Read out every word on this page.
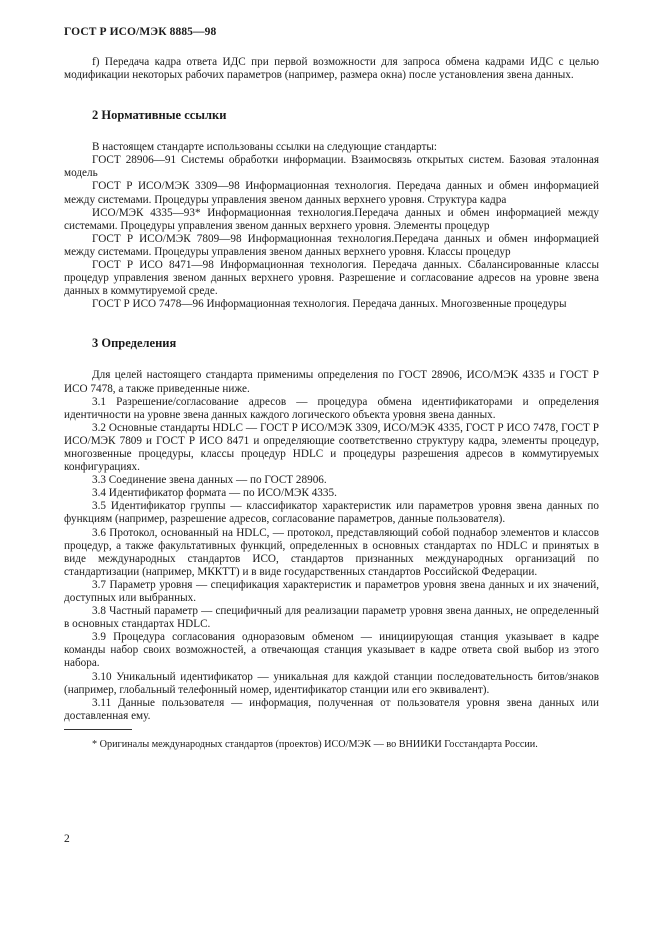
ГОСТ Р ИСО/МЭК 8885—98

f) Передача кадра ответа ИДС при первой возможности для запроса обмена кадрами ИДС с целью модификации некоторых рабочих параметров (например, размера окна) после установления звена данных.

2 Нормативные ссылки

В настоящем стандарте использованы ссылки на следующие стандарты:

ГОСТ 28906—91 Системы обработки информации. Взаимосвязь открытых систем. Базовая эталонная модель

ГОСТ Р ИСО/МЭК 3309—98 Информационная технология. Передача данных и обмен информацией между системами. Процедуры управления звеном данных верхнего уровня. Структура кадра

ИСО/МЭК 4335—93* Информационная технология.Передача данных и обмен информацией между системами. Процедуры управления звеном данных верхнего уровня. Элементы процедур

ГОСТ Р ИСО/МЭК 7809—98 Информационная технология.Передача данных и обмен информацией между системами. Процедуры управления звеном данных верхнего уровня. Классы процедур

ГОСТ Р ИСО 8471—98 Информационная технология. Передача данных. Сбалансированные классы процедур управления звеном данных верхнего уровня. Разрешение и согласование адресов на уровне звена данных в коммутируемой среде.

ГОСТ Р ИСО 7478—96 Информационная технология. Передача данных. Многозвенные процедуры

3 Определения

Для целей настоящего стандарта применимы определения по ГОСТ 28906, ИСО/МЭК 4335 и ГОСТ Р ИСО 7478, а также приведенные ниже.

3.1 Разрешение/согласование адресов — процедура обмена идентификаторами и определения идентичности на уровне звена данных каждого логического объекта уровня звена данных.

3.2 Основные стандарты HDLC — ГОСТ Р ИСО/МЭК 3309, ИСО/МЭК 4335, ГОСТ Р ИСО 7478, ГОСТ Р ИСО/МЭК 7809 и ГОСТ Р ИСО 8471 и определяющие соответственно структуру кадра, элементы процедур, многозвенные процедуры, классы процедур HDLC и процедуры разрешения адресов в коммутируемых конфигурациях.

3.3 Соединение звена данных — по ГОСТ 28906.

3.4 Идентификатор формата — по ИСО/МЭК 4335.

3.5 Идентификатор группы — классификатор характеристик или параметров уровня звена данных по функциям (например, разрешение адресов, согласование параметров, данные пользователя).

3.6 Протокол, основанный на HDLC, — протокол, представляющий собой поднабор элементов и классов процедур, а также факультативных функций, определенных в основных стандартах по HDLC и принятых в виде международных стандартов ИСО, стандартов признанных международных организаций по стандартизации (например, МККТТ) и в виде государственных стандартов Российской Федерации.

3.7 Параметр уровня — спецификация характеристик и параметров уровня звена данных и их значений, доступных или выбранных.

3.8 Частный параметр — специфичный для реализации параметр уровня звена данных, не определенный в основных стандартах HDLC.

3.9 Процедура согласования одноразовым обменом — инициирующая станция указывает в кадре команды набор своих возможностей, а отвечающая станция указывает в кадре ответа свой выбор из этого набора.

3.10 Уникальный идентификатор — уникальная для каждой станции последовательность битов/знаков (например, глобальный телефонный номер, идентификатор станции или его эквивалент).

3.11 Данные пользователя — информация, полученная от пользователя уровня звена данных или доставленная ему.

* Оригиналы международных стандартов (проектов) ИСО/МЭК — во ВНИИКИ Госстандарта России.
2
